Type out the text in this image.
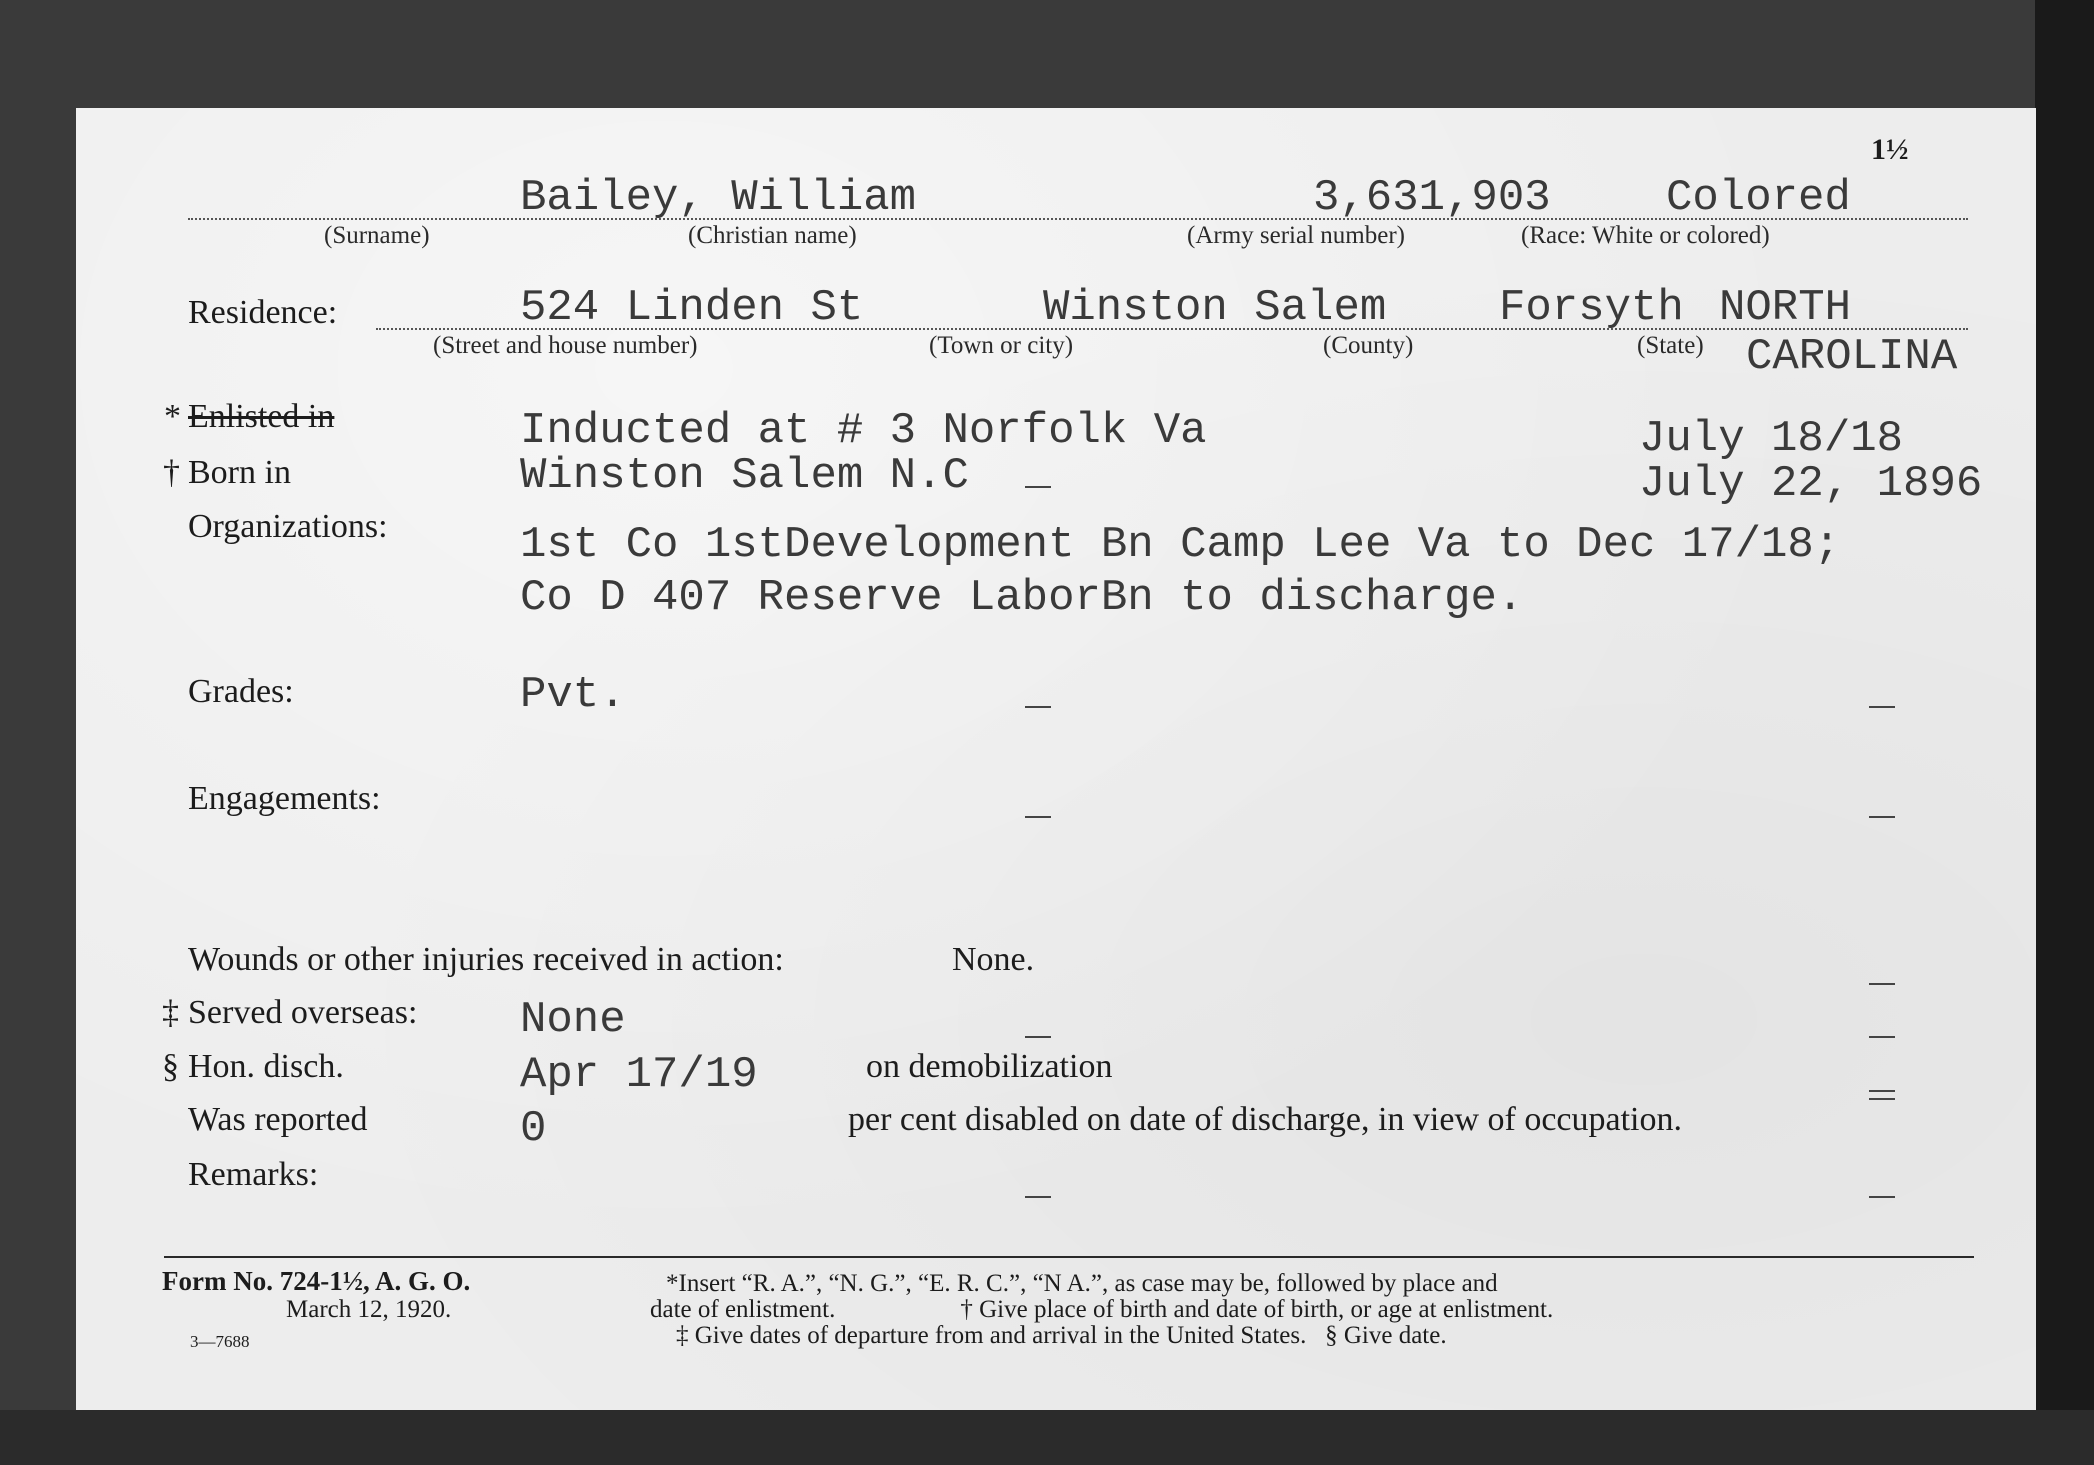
1½
Bailey, William	3,631,903	Colored
(Surname)	(Christian name)	(Army serial number)	(Race: White or colored)
Residence:	524 Linden St	Winston Salem	Forsyth NORTH
CAROLINA
(Street and house number)	(Town or city)	(County)	(State)
* Enlisted in	Inducted at # 3 Norfolk Va	July 18/18
† Born in	Winston Salem N.C	July 22, 1896
Organizations:	1st Co 1stDevelopment Bn Camp Lee Va to Dec 17/18;
Co D 407 Reserve LaborBn to discharge.
Grades:	Pvt.
Engagements:
Wounds or other injuries received in action:	None.
‡ Served overseas: None
§ Hon. disch.	Apr 17/19	on demobilization
Was reported	0	per cent disabled on date of discharge, in view of occupation.
Remarks:
Form No. 724-1½, A. G. O.
March 12, 1920.
3—7688
*Insert “R. A.”, “N. G.”, “E. R. C.”, “N A.”, as case may be, followed by place and
date of enlistment.                    † Give place of birth and date of birth, or age at enlistment.
‡ Give dates of departure from and arrival in the United States.   § Give date.
